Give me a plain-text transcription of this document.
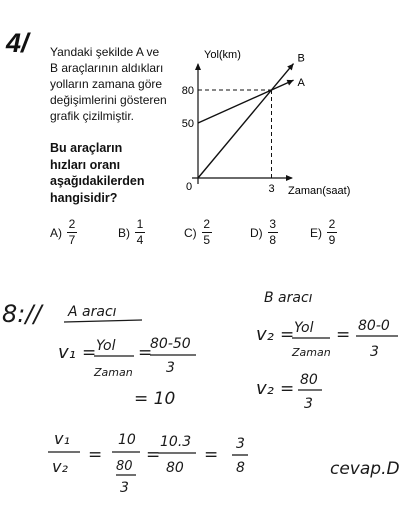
4/ Yandaki şekilde A ve
B araçlarının aldıkları
yolların zamana göre
değişimlerini gösteren
grafik çizilmiştir.
Bu araçların
hızları oranı
aşağıdakilerden
hangisidir?
$A) \frac{2}{7}$	$B) \frac{1}{4}$	$C) \frac{2}{5}$	$D) \frac{3}{8}$	$E) \frac{2}{9}$
Yol(km)
Zaman(saat)
0	3
50
80
A
B
8:// A aracı
v₁ = Yol
Zaman
=
80-50
3
= 10
B aracı
v₂ = Yol
Zaman
= 80-0
3
v₂ = 80
3
v₁
v₂
=
10
80
3
=
10.3
80
=
3
8	cevap.D
